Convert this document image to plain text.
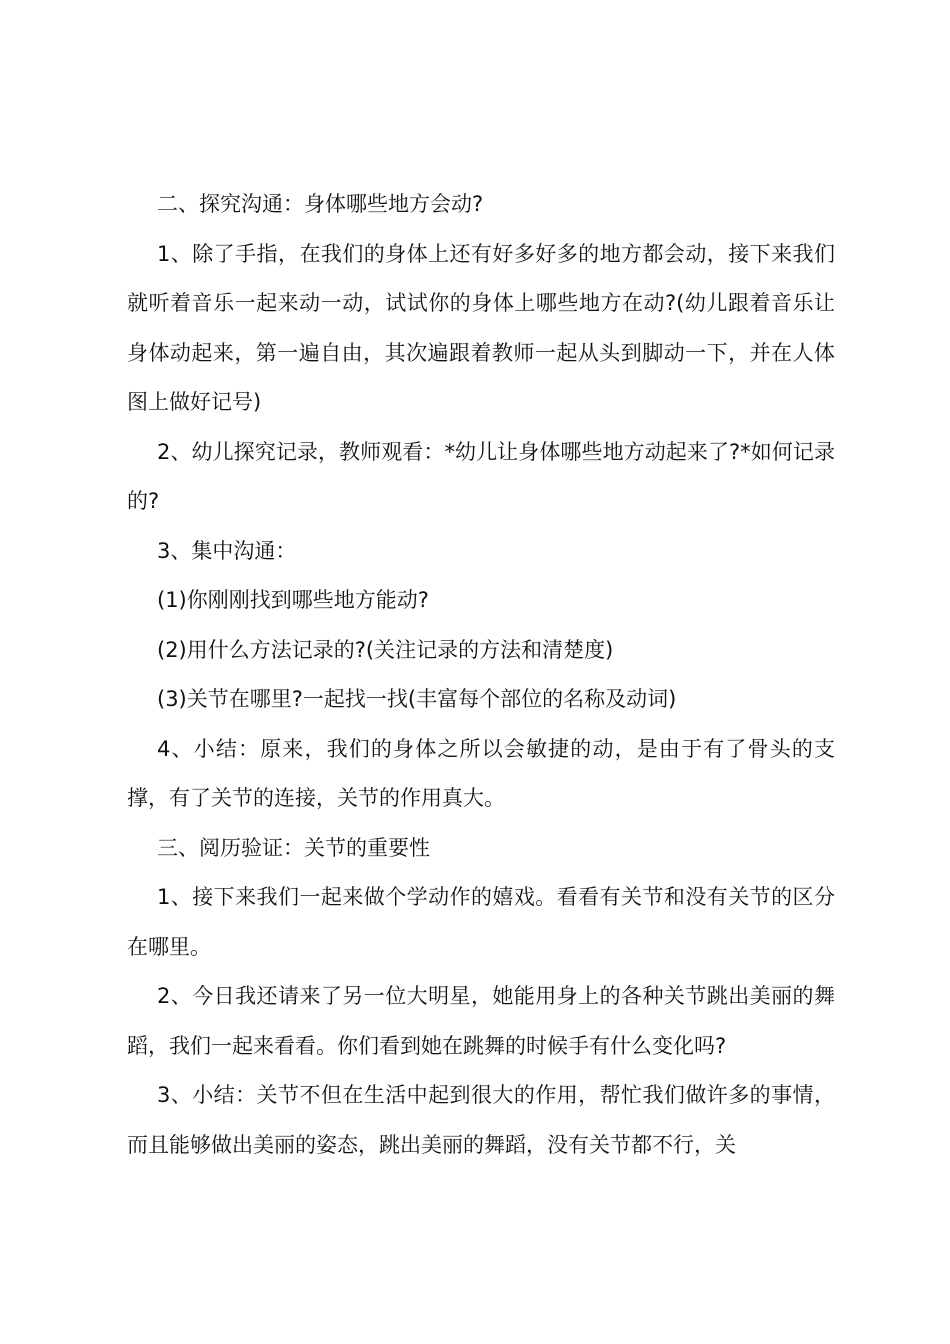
二、探究沟通：身体哪些地方会动?

1、除了手指，在我们的身体上还有好多好多的地方都会动，接下来我们就听着音乐一起来动一动，试试你的身体上哪些地方在动?(幼儿跟着音乐让身体动起来，第一遍自由，其次遍跟着教师一起从头到脚动一下，并在人体图上做好记号)

2、幼儿探究记录，教师观看：*幼儿让身体哪些地方动起来了?*如何记录的?

3、集中沟通：

(1)你刚刚找到哪些地方能动?

(2)用什么方法记录的?(关注记录的方法和清楚度)

(3)关节在哪里?一起找一找(丰富每个部位的名称及动词)

4、小结：原来，我们的身体之所以会敏捷的动，是由于有了骨头的支撑，有了关节的连接，关节的作用真大。

三、阅历验证：关节的重要性

1、接下来我们一起来做个学动作的嬉戏。看看有关节和没有关节的区分在哪里。

2、今日我还请来了另一位大明星，她能用身上的各种关节跳出美丽的舞蹈，我们一起来看看。你们看到她在跳舞的时候手有什么变化吗?

3、小结：关节不但在生活中起到很大的作用，帮忙我们做许多的事情，而且能够做出美丽的姿态，跳出美丽的舞蹈，没有关节都不行，关
